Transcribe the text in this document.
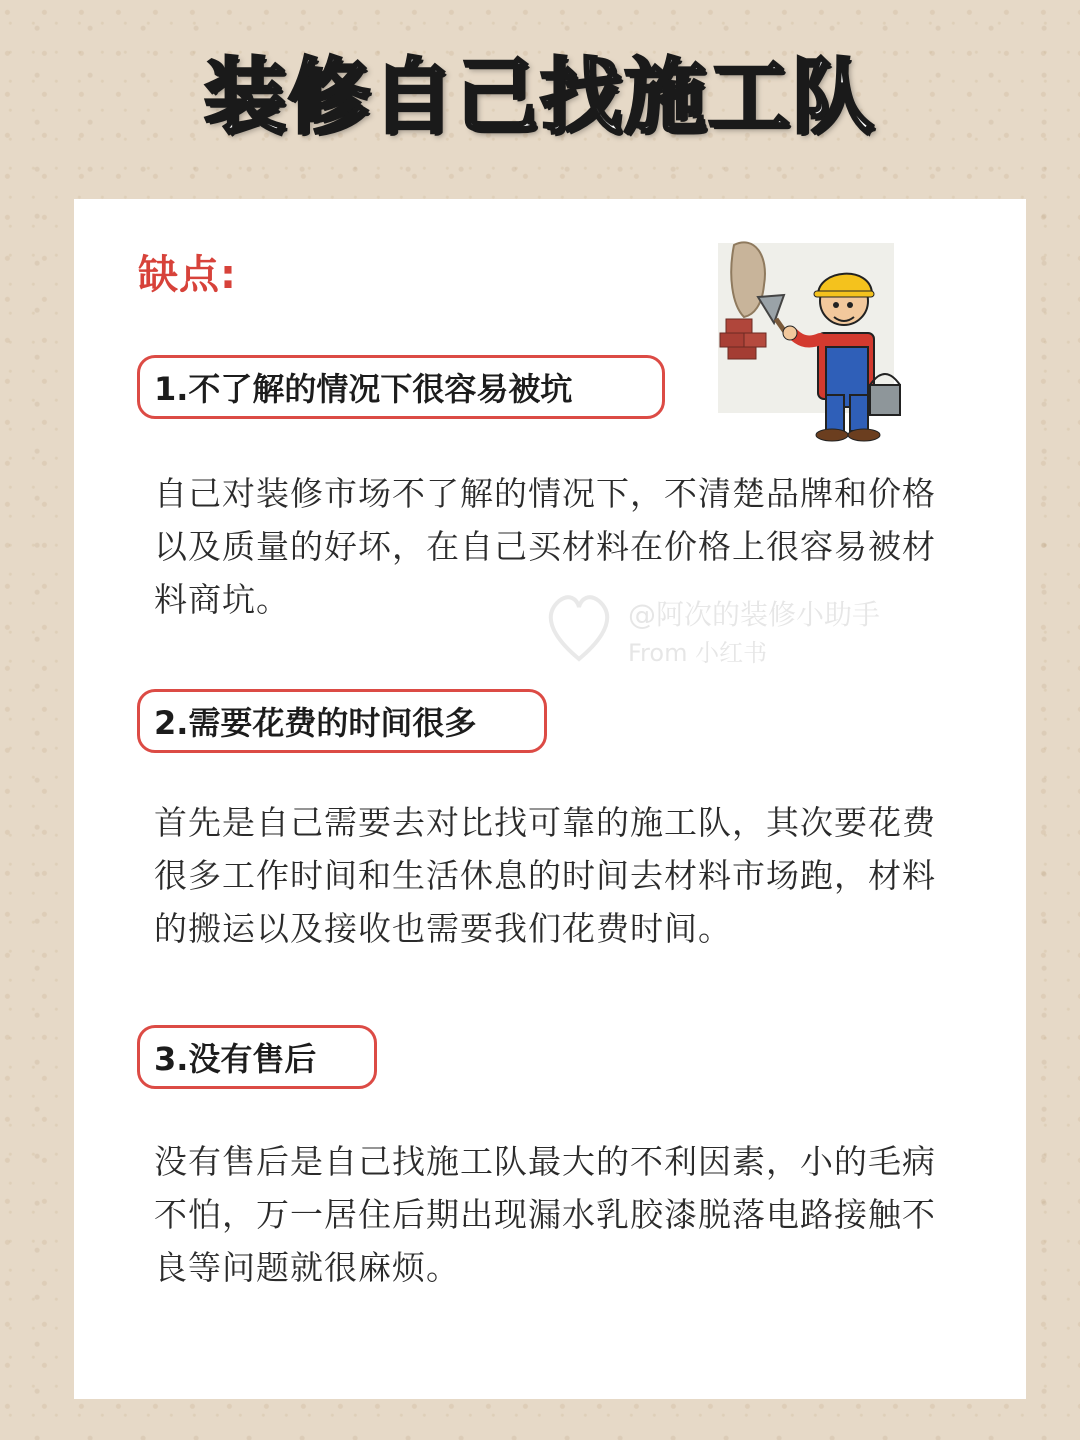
装修自己找施工队
缺点:
@阿次的装修小助手
From 小红书
1.不了解的情况下很容易被坑
自己对装修市场不了解的情况下，不清楚品牌和价格以及质量的好坏，在自己买材料在价格上很容易被材料商坑。
2.需要花费的时间很多
首先是自己需要去对比找可靠的施工队，其次要花费很多工作时间和生活休息的时间去材料市场跑，材料的搬运以及接收也需要我们花费时间。
3.没有售后
没有售后是自己找施工队最大的不利因素，小的毛病不怕，万一居住后期出现漏水乳胶漆脱落电路接触不良等问题就很麻烦。
